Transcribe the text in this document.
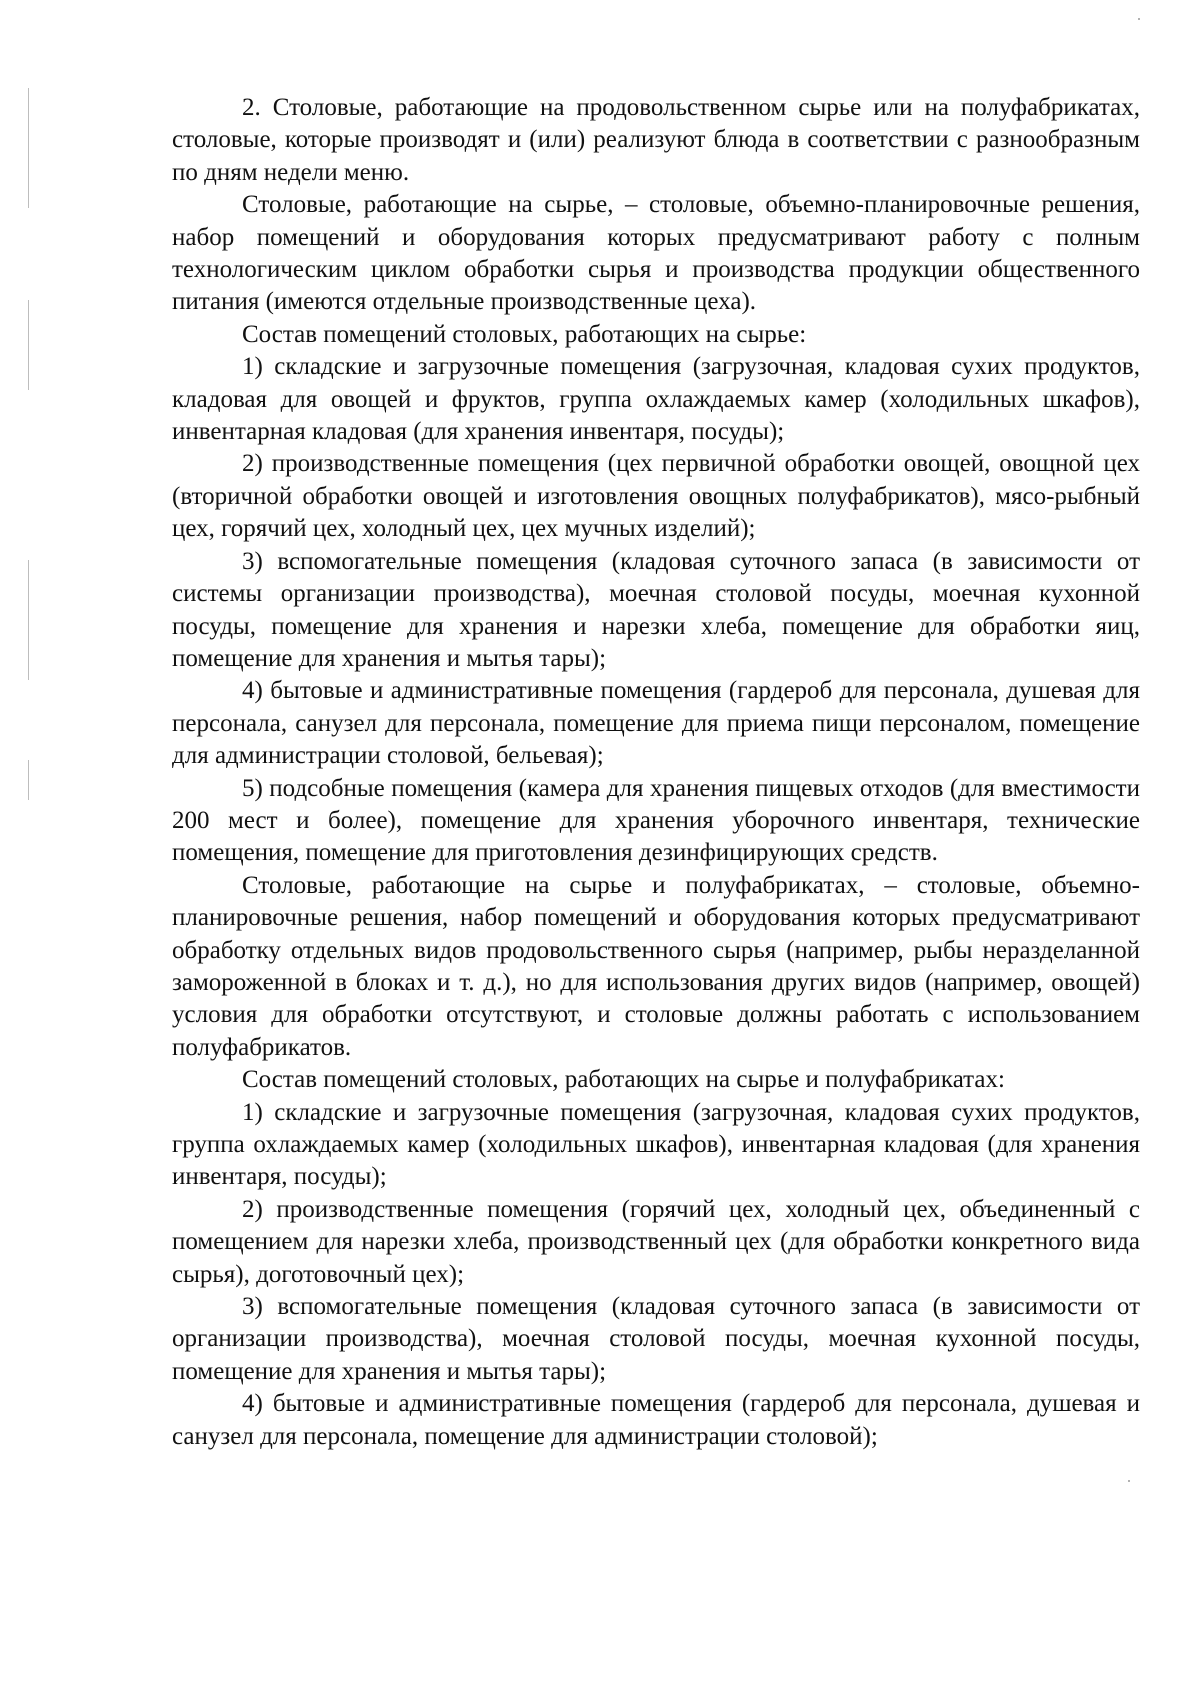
2. Столовые, работающие на продовольственном сырье или на полуфабрикатах, столовые, которые производят и (или) реализуют блюда в соответствии с разнообразным по дням недели меню.

Столовые, работающие на сырье, – столовые, объемно-планировочные решения, набор помещений и оборудования которых предусматривают работу с полным технологическим циклом обработки сырья и производства продукции общественного питания (имеются отдельные производственные цеха).

Состав помещений столовых, работающих на сырье:

1) складские и загрузочные помещения (загрузочная, кладовая сухих продуктов, кладовая для овощей и фруктов, группа охлаждаемых камер (холодильных шкафов), инвентарная кладовая (для хранения инвентаря, посуды);

2) производственные помещения (цех первичной обработки овощей, овощной цех (вторичной обработки овощей и изготовления овощных полуфабрикатов), мясо-рыбный цех, горячий цех, холодный цех, цех мучных изделий);

3) вспомогательные помещения (кладовая суточного запаса (в зависимости от системы организации производства), моечная столовой посуды, моечная кухонной посуды, помещение для хранения и нарезки хлеба, помещение для обработки яиц, помещение для хранения и мытья тары);

4) бытовые и административные помещения (гардероб для персонала, душевая для персонала, санузел для персонала, помещение для приема пищи персоналом, помещение для администрации столовой, бельевая);

5) подсобные помещения (камера для хранения пищевых отходов (для вместимости 200 мест и более), помещение для хранения уборочного инвентаря, технические помещения, помещение для приготовления дезинфицирующих средств.

Столовые, работающие на сырье и полуфабрикатах, – столовые, объемно-планировочные решения, набор помещений и оборудования которых предусматривают обработку отдельных видов продовольственного сырья (например, рыбы неразделанной замороженной в блоках и т. д.), но для использования других видов (например, овощей) условия для обработки отсутствуют, и столовые должны работать с использованием полуфабрикатов.

Состав помещений столовых, работающих на сырье и полуфабрикатах:

1) складские и загрузочные помещения (загрузочная, кладовая сухих продуктов, группа охлаждаемых камер (холодильных шкафов), инвентарная кладовая (для хранения инвентаря, посуды);

2) производственные помещения (горячий цех, холодный цех, объединенный с помещением для нарезки хлеба, производственный цех (для обработки конкретного вида сырья), доготовочный цех);

3) вспомогательные помещения (кладовая суточного запаса (в зависимости от организации производства), моечная столовой посуды, моечная кухонной посуды, помещение для хранения и мытья тары);

4) бытовые и административные помещения (гардероб для персонала, душевая и санузел для персонала, помещение для администрации столовой);
